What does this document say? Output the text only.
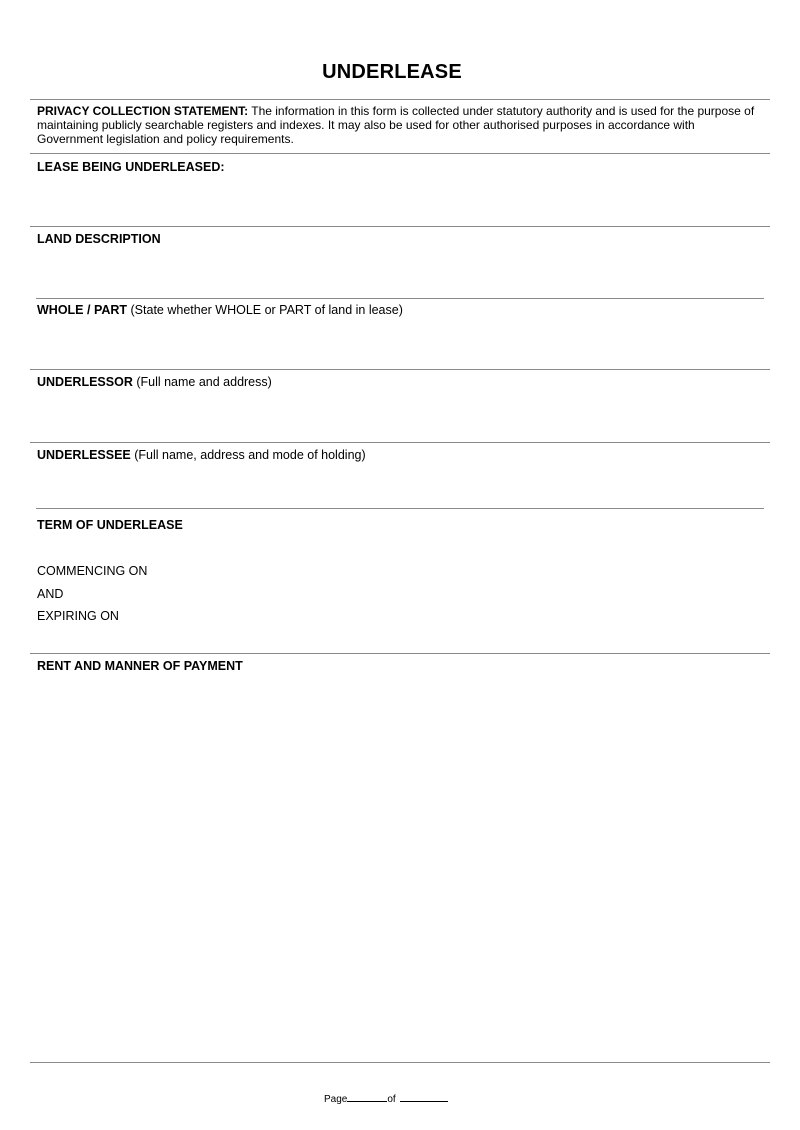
UNDERLEASE
PRIVACY COLLECTION STATEMENT: The information in this form is collected under statutory authority and is used for the purpose of maintaining publicly searchable registers and indexes. It may also be used for other authorised purposes in accordance with Government legislation and policy requirements.
LEASE BEING UNDERLEASED:
LAND DESCRIPTION
WHOLE / PART (State whether WHOLE or PART of land in lease)
UNDERLESSOR (Full name and address)
UNDERLESSEE (Full name, address and mode of holding)
TERM OF UNDERLEASE
COMMENCING ON
AND
EXPIRING ON
RENT AND MANNER OF PAYMENT
Page	of
